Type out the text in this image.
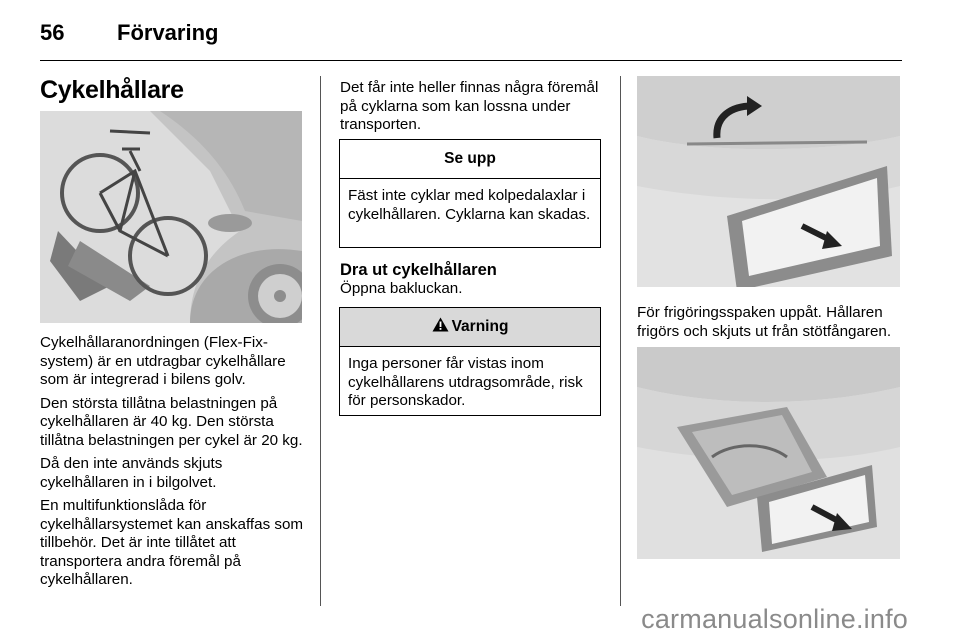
56 Förvaring
Cykelhållare

Cykelhållaranordningen (Flex-Fix-system) är en utdragbar cykelhållare som är integrerad i bilens golv.

Den största tillåtna belastningen på cykelhållaren är 40 kg. Den största tillåtna belastningen per cykel är 20 kg.

Då den inte används skjuts cykelhållaren in i bilgolvet.

En multifunktionslåda för cykelhållarsystemet kan anskaffas som tillbehör. Det är inte tillåtet att transportera andra föremål på cykelhållaren.

Det får inte heller finnas några föremål på cyklarna som kan lossna under transporten.

Se upp
Fäst inte cyklar med kolpedalaxlar i cykelhållaren. Cyklarna kan skadas.
Dra ut cykelhållaren
Öppna bakluckan.
Varning
Inga personer får vistas inom cykelhållarens utdragsområde, risk för personskador.

För frigöringsspaken uppåt. Hållaren frigörs och skjuts ut från stötfångaren.

carmanualsonline.info
